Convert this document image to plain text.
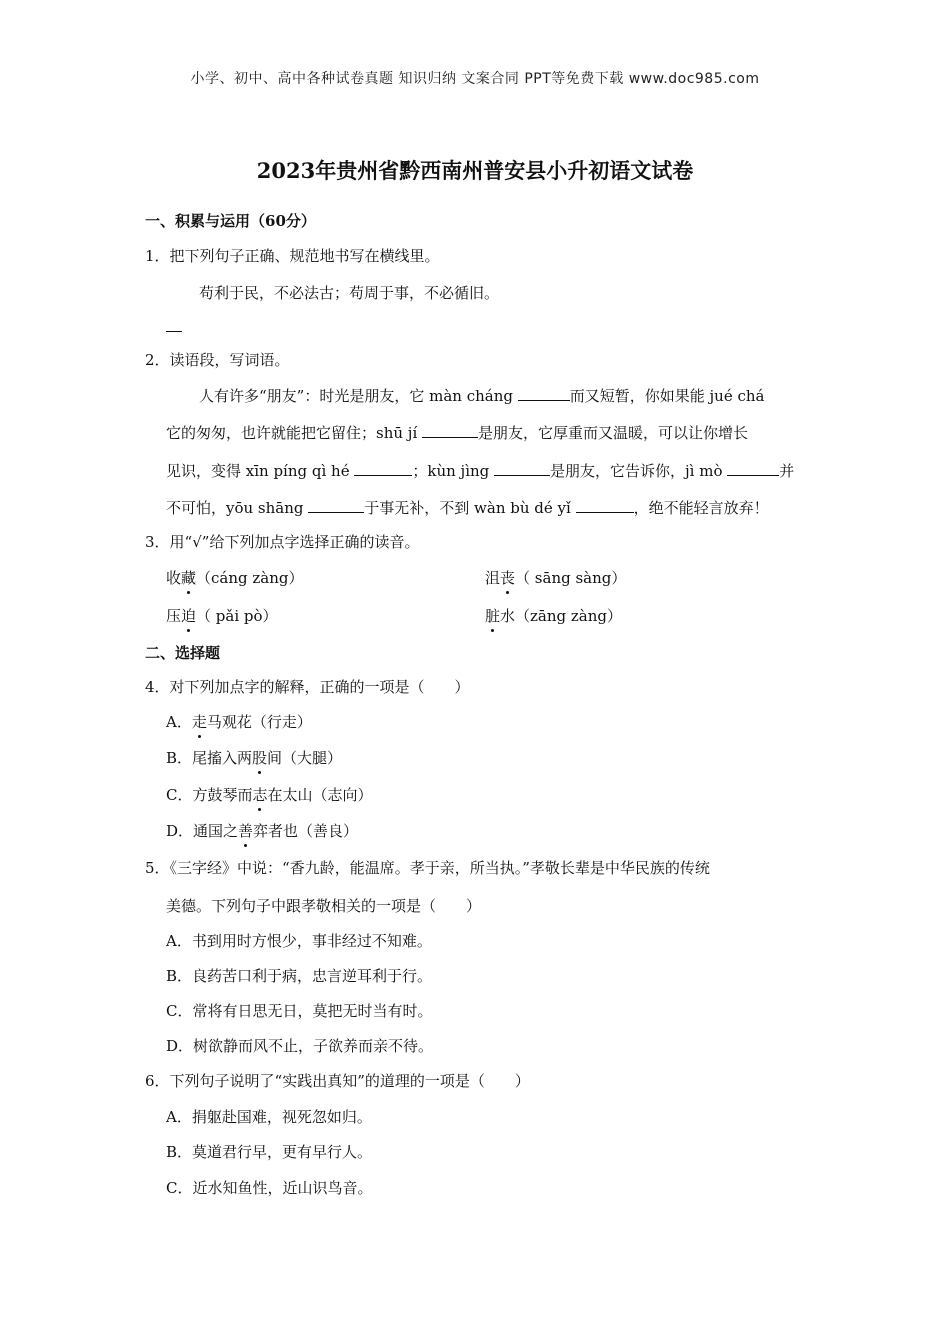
小学、初中、高中各种试卷真题 知识归纳 文案合同 PPT等免费下载 www.doc985.com
2023年贵州省黔西南州普安县小升初语文试卷
一、积累与运用（60分）
1．把下列句子正确、规范地书写在横线里。
苟利于民，不必法古；苟周于事，不必循旧。
2．读语段，写词语。
人有许多“朋友”：时光是朋友，它 màn cháng	而又短暂，你如果能 jué chá
它的匆匆，也许就能把它留住；shū jí	是朋友，它厚重而又温暖，可以让你增长
见识，变得 xīn píng qì hé	；kùn jìng	是朋友，它告诉你，jì mò	并
不可怕，yōu shāng	于事无补，不到 wàn bù dé yǐ	，绝不能轻言放弃！
3．用“√”给下列加点字选择正确的读音。
收藏（cáng zàng）	沮丧（ sāng sàng）
压迫（ pǎi pò）	脏水（zāng zàng）
二、选择题
4．对下列加点字的解释，正确的一项是（　　）
A．走马观花（行走）
B．尾搐入两股间（大腿）
C．方鼓琴而志在太山（志向）
D．通国之善弈者也（善良）
5．《三字经》中说：“香九龄，能温席。孝于亲，所当执。”孝敬长辈是中华民族的传统
美德。下列句子中跟孝敬相关的一项是（　　）
A．书到用时方恨少，事非经过不知难。
B．良药苦口利于病，忠言逆耳利于行。
C．常将有日思无日，莫把无时当有时。
D．树欲静而风不止，子欲养而亲不待。
6．下列句子说明了“实践出真知”的道理的一项是（　　）
A．捐躯赴国难，视死忽如归。
B．莫道君行早，更有早行人。
C．近水知鱼性，近山识鸟音。
